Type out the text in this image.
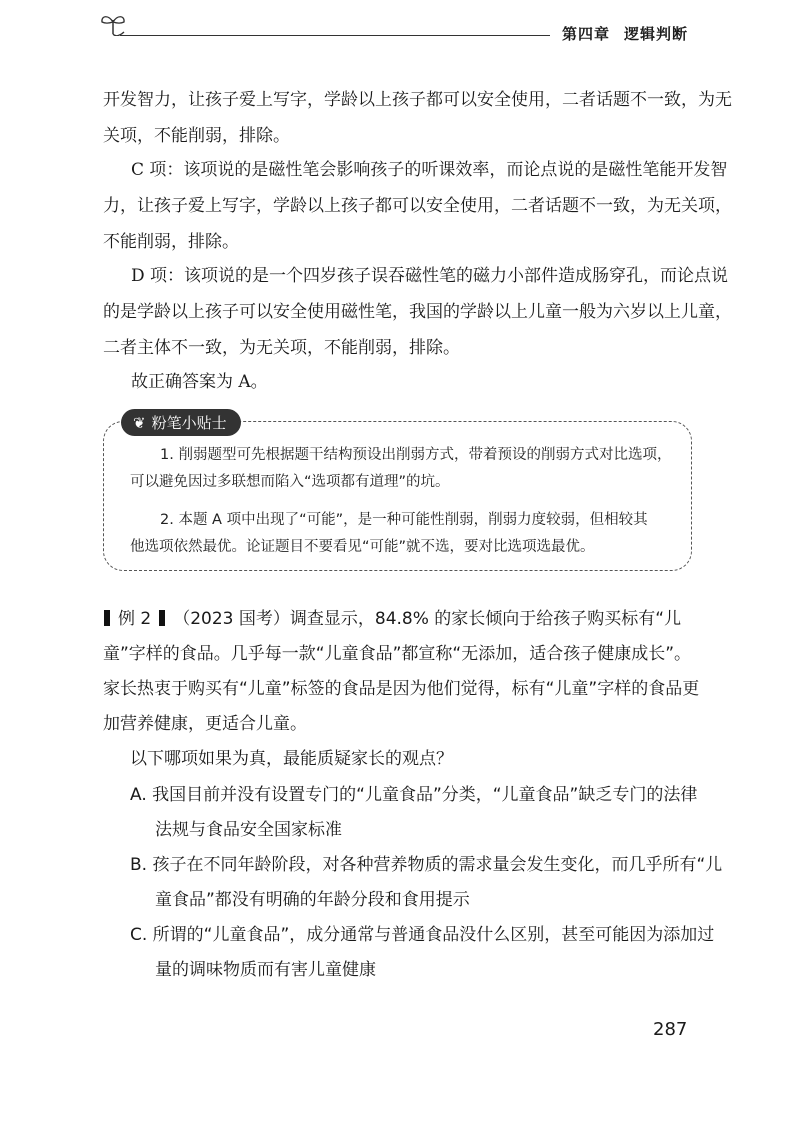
第四章 逻辑判断
开发智力，让孩子爱上写字，学龄以上孩子都可以安全使用，二者话题不一致，为无
关项，不能削弱，排除。
C 项：该项说的是磁性笔会影响孩子的听课效率，而论点说的是磁性笔能开发智
力，让孩子爱上写字，学龄以上孩子都可以安全使用，二者话题不一致，为无关项，
不能削弱，排除。
D 项：该项说的是一个四岁孩子误吞磁性笔的磁力小部件造成肠穿孔，而论点说
的是学龄以上孩子可以安全使用磁性笔，我国的学龄以上儿童一般为六岁以上儿童，
二者主体不一致，为无关项，不能削弱，排除。
故正确答案为 A。
❦ 粉笔小贴士
1. 削弱题型可先根据题干结构预设出削弱方式，带着预设的削弱方式对比选项，
可以避免因过多联想而陷入“选项都有道理”的坑。
2. 本题 A 项中出现了“可能”，是一种可能性削弱，削弱力度较弱，但相较其
他选项依然最优。论证题目不要看见“可能”就不选，要对比选项选最优。
例 2 （2023 国考）调查显示，84.8% 的家长倾向于给孩子购买标有“儿
童”字样的食品。几乎每一款“儿童食品”都宣称“无添加，适合孩子健康成长”。
家长热衷于购买有“儿童”标签的食品是因为他们觉得，标有“儿童”字样的食品更
加营养健康，更适合儿童。
以下哪项如果为真，最能质疑家长的观点？
A. 我国目前并没有设置专门的“儿童食品”分类，“儿童食品”缺乏专门的法律
法规与食品安全国家标准
B. 孩子在不同年龄阶段，对各种营养物质的需求量会发生变化，而几乎所有“儿
童食品”都没有明确的年龄分段和食用提示
C. 所谓的“儿童食品”，成分通常与普通食品没什么区别，甚至可能因为添加过
量的调味物质而有害儿童健康
287
